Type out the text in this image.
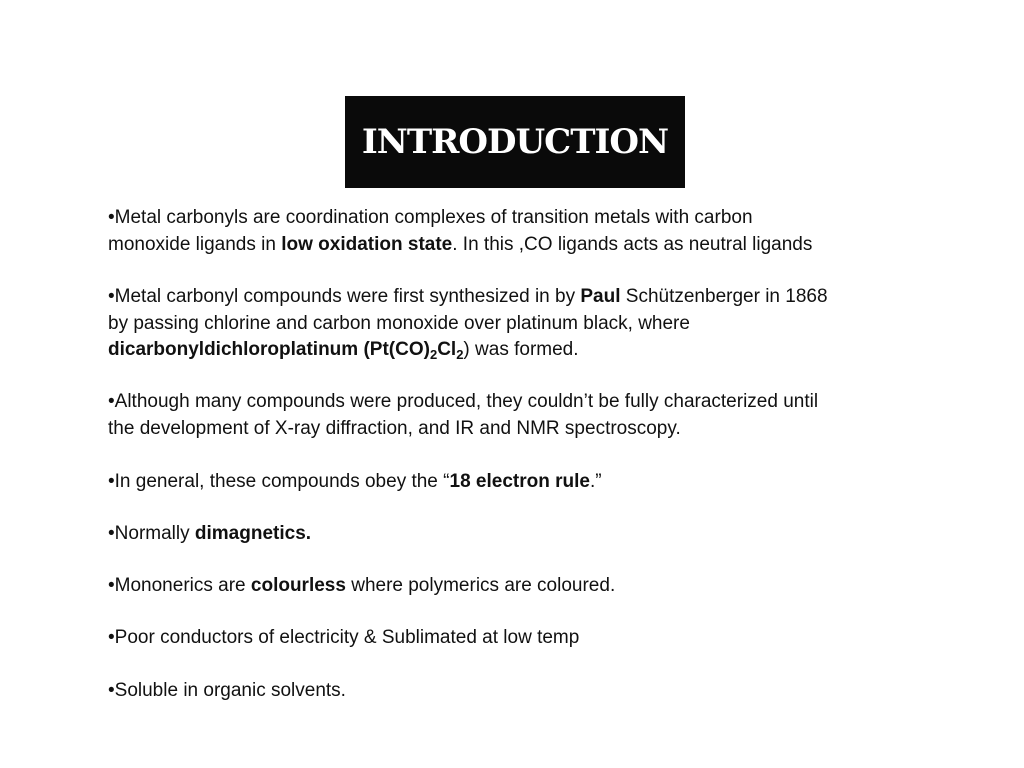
INTRODUCTION
•Metal carbonyls are coordination complexes of transition metals with carbon
monoxide ligands in low oxidation state. In this ,CO ligands acts as neutral ligands
•Metal carbonyl compounds were first synthesized in by Paul Schützenberger in 1868
by passing chlorine and carbon monoxide over platinum black, where
dicarbonyldichloroplatinum $(Pt(CO)_2Cl_2)$ was formed.
•Although many compounds were produced, they couldn’t be fully characterized until
the development of X-ray diffraction, and IR and NMR spectroscopy.
•In general, these compounds obey the “18 electron rule.”
•Normally dimagnetics.
•Mononerics are colourless where polymerics are coloured.
•Poor conductors of electricity & Sublimated at low temp
•Soluble in organic solvents.
